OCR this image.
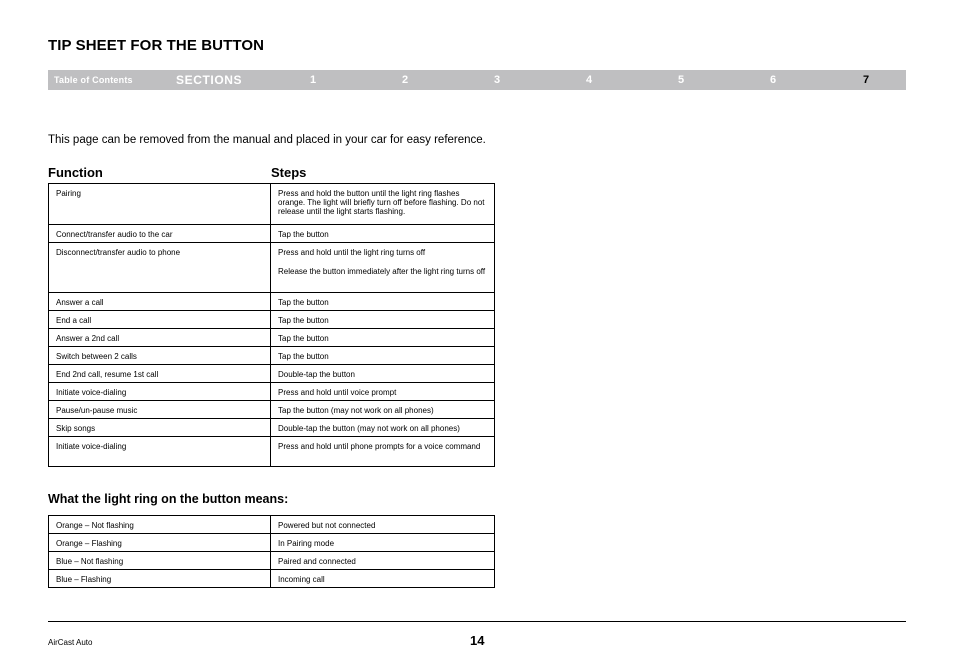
TIP SHEET FOR THE BUTTON
Table of Contents	SECTIONS	1	2	3	4	5	6	7

This page can be removed from the manual and placed in your car for easy reference.

Function	Steps
Pairing	Press and hold the button until the light ring flashes orange. The light will briefly turn off before flashing. Do not release until the light starts flashing.
Connect/transfer audio to the car	Tap the button
Disconnect/transfer audio to phone	Press and hold until the light ring turns off
Release the button immediately after the light ring turns off

Answer a call	Tap the button
End a call	Tap the button
Answer a 2nd call	Tap the button
Switch between 2 calls	Tap the button
End 2nd call, resume 1st call	Double-tap the button
Initiate voice-dialing	Press and hold until voice prompt
Pause/un-pause music	Tap the button (may not work on all phones)
Skip songs	Double-tap the button (may not work on all phones)
Initiate voice-dialing	Press and hold until phone prompts for a voice command
What the light ring on the button means:
Orange – Not flashing	Powered but not connected
Orange – Flashing	In Pairing mode
Blue – Not flashing	Paired and connected
Blue – Flashing	Incoming call
AirCast Auto	14
